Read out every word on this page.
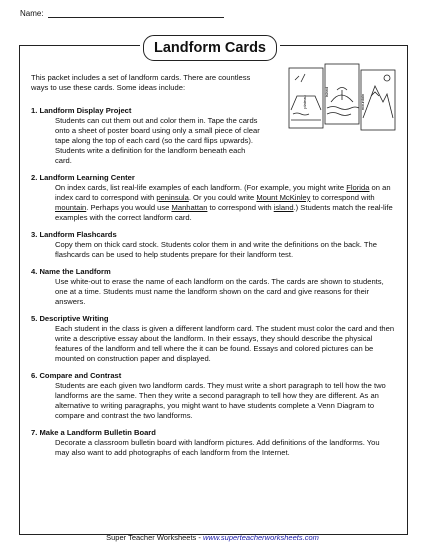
Name:
Landform Cards
This packet includes a set of landform cards. There are countless ways to use these cards. Some ideas include:
plateau
island
mountain
1. Landform Display Project
Students can cut them out and color them in. Tape the cards onto a sheet of poster board using only a small piece of clear tape along the top of each card (so the card flips upwards). Students write a definition for the landform beneath each card.
2. Landform Learning Center
On index cards, list real-life examples of each landform. (For example, you might write Florida on an index card to correspond with peninsula. Or you could write Mount McKinley to correspond with mountain. Perhaps you would use Manhattan to correspond with island.) Students match the real-life examples with the correct landform card.
3. Landform Flashcards
Copy them on thick card stock. Students color them in and write the definitions on the back. The flashcards can be used to help students prepare for their landform test.
4. Name the Landform
Use white-out to erase the name of each landform on the cards. The cards are shown to students, one at a time. Students must name the landform shown on the card and give reasons for their answers.
5. Descriptive Writing
Each student in the class is given a different landform card. The student must color the card and then write a descriptive essay about the landform. In their essays, they should describe the physical features of the landform and tell where the it can be found. Essays and colored pictures can be mounted on construction paper and displayed.
6. Compare and Contrast
Students are each given two landform cards. They must write a short paragraph to tell how the two landforms are the same. Then they write a second paragraph to tell how they are different. As an alternative to writing paragraphs, you might want to have students complete a Venn Diagram to compare and contrast the two landforms.
7. Make a Landform Bulletin Board
Decorate a classroom bulletin board with landform pictures. Add definitions of the landforms. You may also want to add photographs of each landform from the Internet.
Super Teacher Worksheets - www.superteacherworksheets.com
